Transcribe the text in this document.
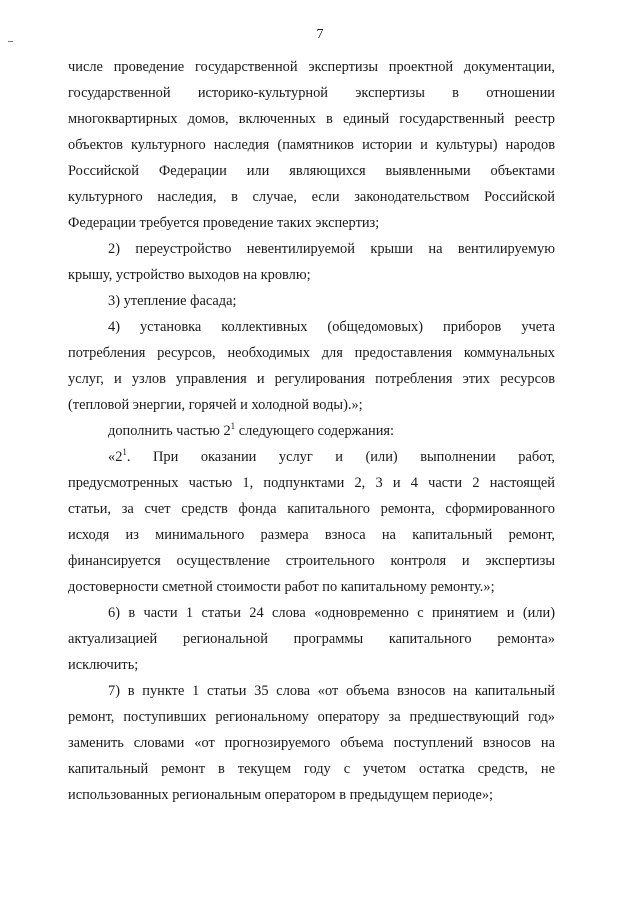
7
числе проведение государственной экспертизы проектной документации,
государственной историко-культурной экспертизы в отношении
многоквартирных домов, включенных в единый государственный реестр
объектов культурного наследия (памятников истории и культуры) народов
Российской Федерации или являющихся выявленными объектами
культурного наследия, в случае, если законодательством Российской
Федерации требуется проведение таких экспертиз;
2) переустройство невентилируемой крыши на вентилируемую
крышу, устройство выходов на кровлю;
3) утепление фасада;
4) установка коллективных (общедомовых) приборов учета
потребления ресурсов, необходимых для предоставления коммунальных
услуг, и узлов управления и регулирования потребления этих ресурсов
(тепловой энергии, горячей и холодной воды).»;
дополнить частью $2^1$ следующего содержания:
«$2^1$. При оказании услуг и (или) выполнении работ,
предусмотренных частью 1, подпунктами 2, 3 и 4 части 2 настоящей
статьи, за счет средств фонда капитального ремонта, сформированного
исходя из минимального размера взноса на капитальный ремонт,
финансируется осуществление строительного контроля и экспертизы
достоверности сметной стоимости работ по капитальному ремонту.»;
6) в части 1 статьи 24 слова «одновременно с принятием и (или)
актуализацией региональной программы капитального ремонта»
исключить;
7) в пункте 1 статьи 35 слова «от объема взносов на капитальный
ремонт, поступивших региональному оператору за предшествующий год»
заменить словами «от прогнозируемого объема поступлений взносов на
капитальный ремонт в текущем году с учетом остатка средств, не
использованных региональным оператором в предыдущем периоде»;
